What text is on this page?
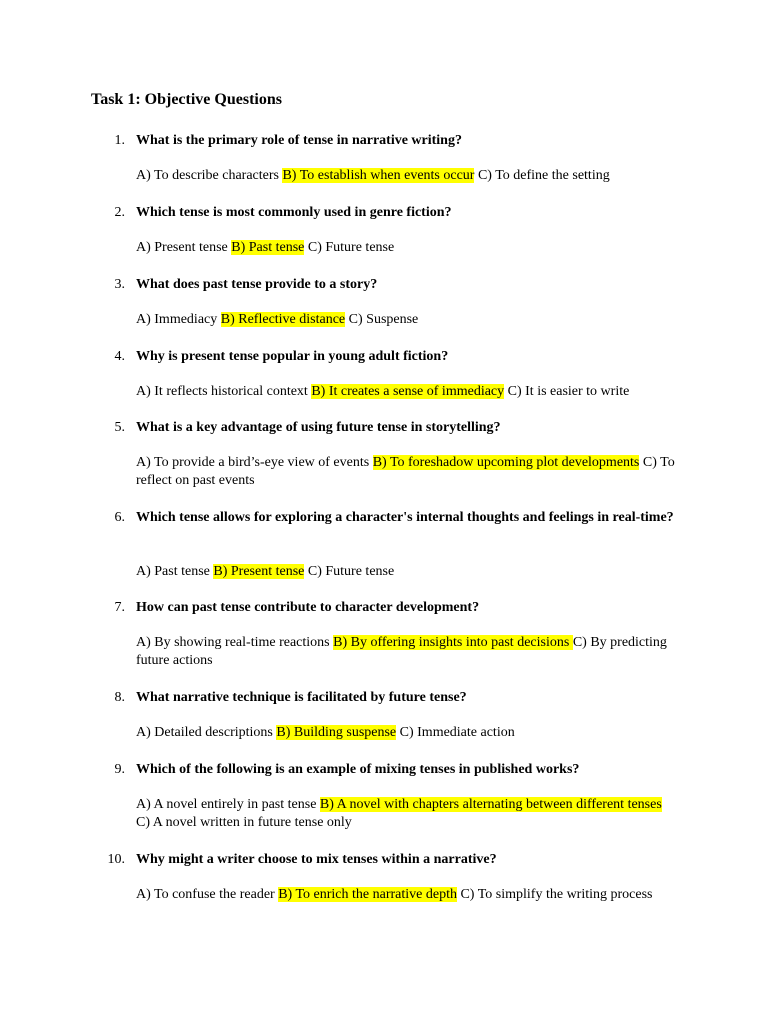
Task 1: Objective Questions
1. What is the primary role of tense in narrative writing?
A) To describe characters B) To establish when events occur C) To define the setting
2. Which tense is most commonly used in genre fiction?
A) Present tense B) Past tense C) Future tense
3. What does past tense provide to a story?
A) Immediacy B) Reflective distance C) Suspense
4. Why is present tense popular in young adult fiction?
A) It reflects historical context B) It creates a sense of immediacy C) It is easier to write
5. What is a key advantage of using future tense in storytelling?
A) To provide a bird’s-eye view of events B) To foreshadow upcoming plot developments C) To reflect on past events
6. Which tense allows for exploring a character's internal thoughts and feelings in real-time?
A) Past tense B) Present tense C) Future tense
7. How can past tense contribute to character development?
A) By showing real-time reactions B) By offering insights into past decisions C) By predicting future actions
8. What narrative technique is facilitated by future tense?
A) Detailed descriptions B) Building suspense C) Immediate action
9. Which of the following is an example of mixing tenses in published works?
A) A novel entirely in past tense B) A novel with chapters alternating between different tenses C) A novel written in future tense only
10. Why might a writer choose to mix tenses within a narrative?
A) To confuse the reader B) To enrich the narrative depth C) To simplify the writing process
